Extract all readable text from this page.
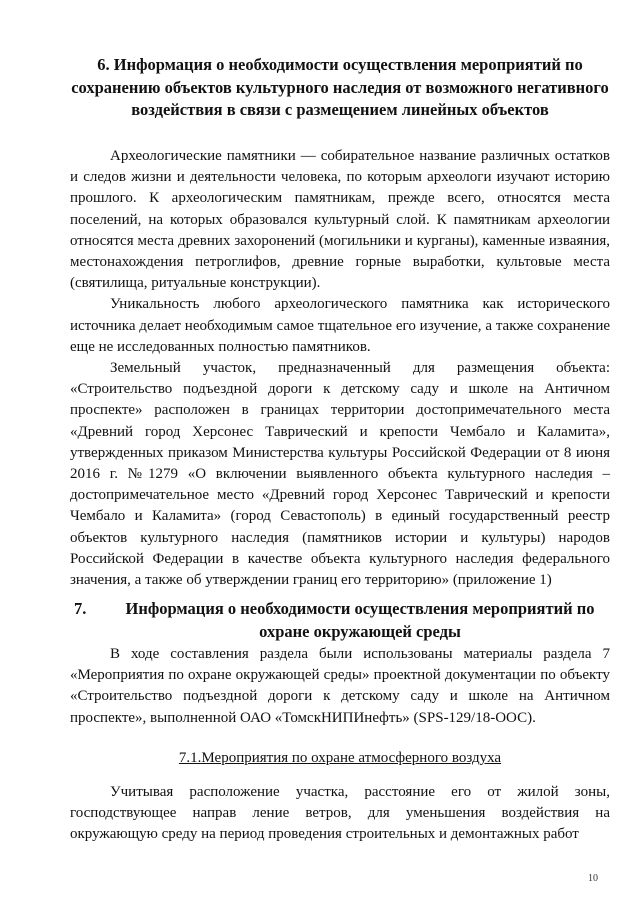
6. Информация о необходимости осуществления мероприятий по сохранению объектов культурного наследия от возможного негативного воздействия в связи с размещением линейных объектов

Археологические памятники — собирательное название различных остатков и следов жизни и деятельности человека, по которым археологи изучают историю прошлого. К археологическим памятникам, прежде всего, относятся места поселений, на которых образовался культурный слой. К памятникам археологии относятся места древних захоронений (могильники и курганы), каменные изваяния, местонахождения петроглифов, древние горные выработки, культовые места (святилища, ритуальные конструкции).

Уникальность любого археологического памятника как исторического источника делает необходимым самое тщательное его изучение, а также сохранение еще не исследованных полностью памятников.

Земельный участок, предназначенный для размещения объекта: «Строительство подъездной дороги к детскому саду и школе на Античном проспекте» расположен в границах территории достопримечательного места «Древний город Херсонес Таврический и крепости Чембало и Каламита», утвержденных приказом Министерства культуры Российской Федерации от 8 июня 2016 г. №1279 «О включении выявленного объекта культурного наследия – достопримечательное место «Древний город Херсонес Таврический и крепости Чембало и Каламита» (город Севастополь) в единый государственный реестр объектов культурного наследия (памятников истории и культуры) народов Российской Федерации в качестве объекта культурного наследия федерального значения, а также об утверждении границ его территорию» (приложение 1)

7.	Информация о необходимости осуществления мероприятий по охране окружающей среды

В ходе составления раздела были использованы материалы раздела 7 «Мероприятия по охране окружающей среды» проектной документации по объекту «Строительство подъездной дороги к детскому саду и школе на Античном проспекте», выполненной ОАО «ТомскНИПИнефть» (SPS-129/18-ООС).

7.1.Мероприятия по охране атмосферного воздуха

Учитывая расположение участка, расстояние его от жилой зоны, господствующее направ ление ветров, для уменьшения воздействия на окружающую среду на период проведения строительных и демонтажных работ

10
